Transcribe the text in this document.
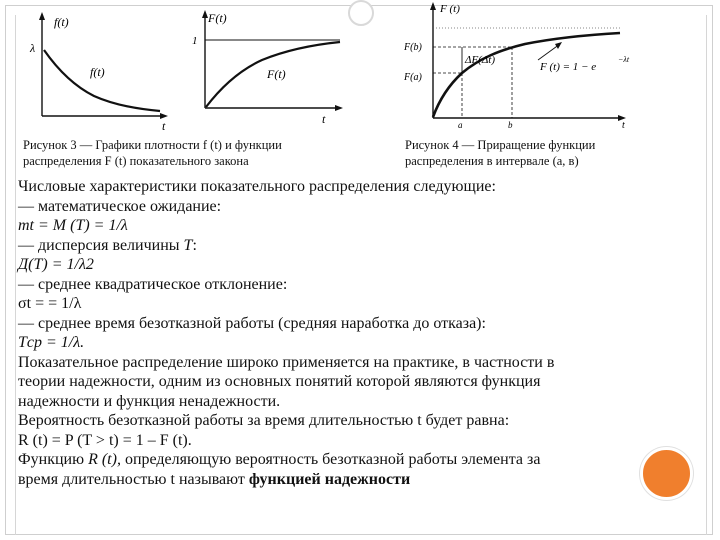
f(t)
λ
f(t)
t
F(t)
1
F(t)
t
F (t)
F(b)
F(a)
ΔF(Δt)
F (t) = 1 − e
−λt
a	b	t
Рисунок 3 — Графики плотности f (t) и функции
распределения F (t) показательного закона
Рисунок 4 — Приращение функции
распределения в интервале (a, в)
Числовые характеристики показательного распределения следующие:
— математическое ожидание:
mt = M (T) = 1/λ
— дисперсия величины T:
Д(T) = 1/λ2
— среднее квадратическое отклонение:
σt = = 1/λ
— среднее время безотказной работы (средняя наработка до отказа):
Tср = 1/λ.
Показательное распределение широко применяется на практике, в частности в
теории надежности, одним из основных понятий которой являются функция
надежности и функция ненадежности.
Вероятность безотказной работы за время длительностью t будет равна:
R (t) = P (T > t) = 1 – F (t).
Функцию R (t), определяющую вероятность безотказной работы элемента за
время длительностью t называют функцией надежности
